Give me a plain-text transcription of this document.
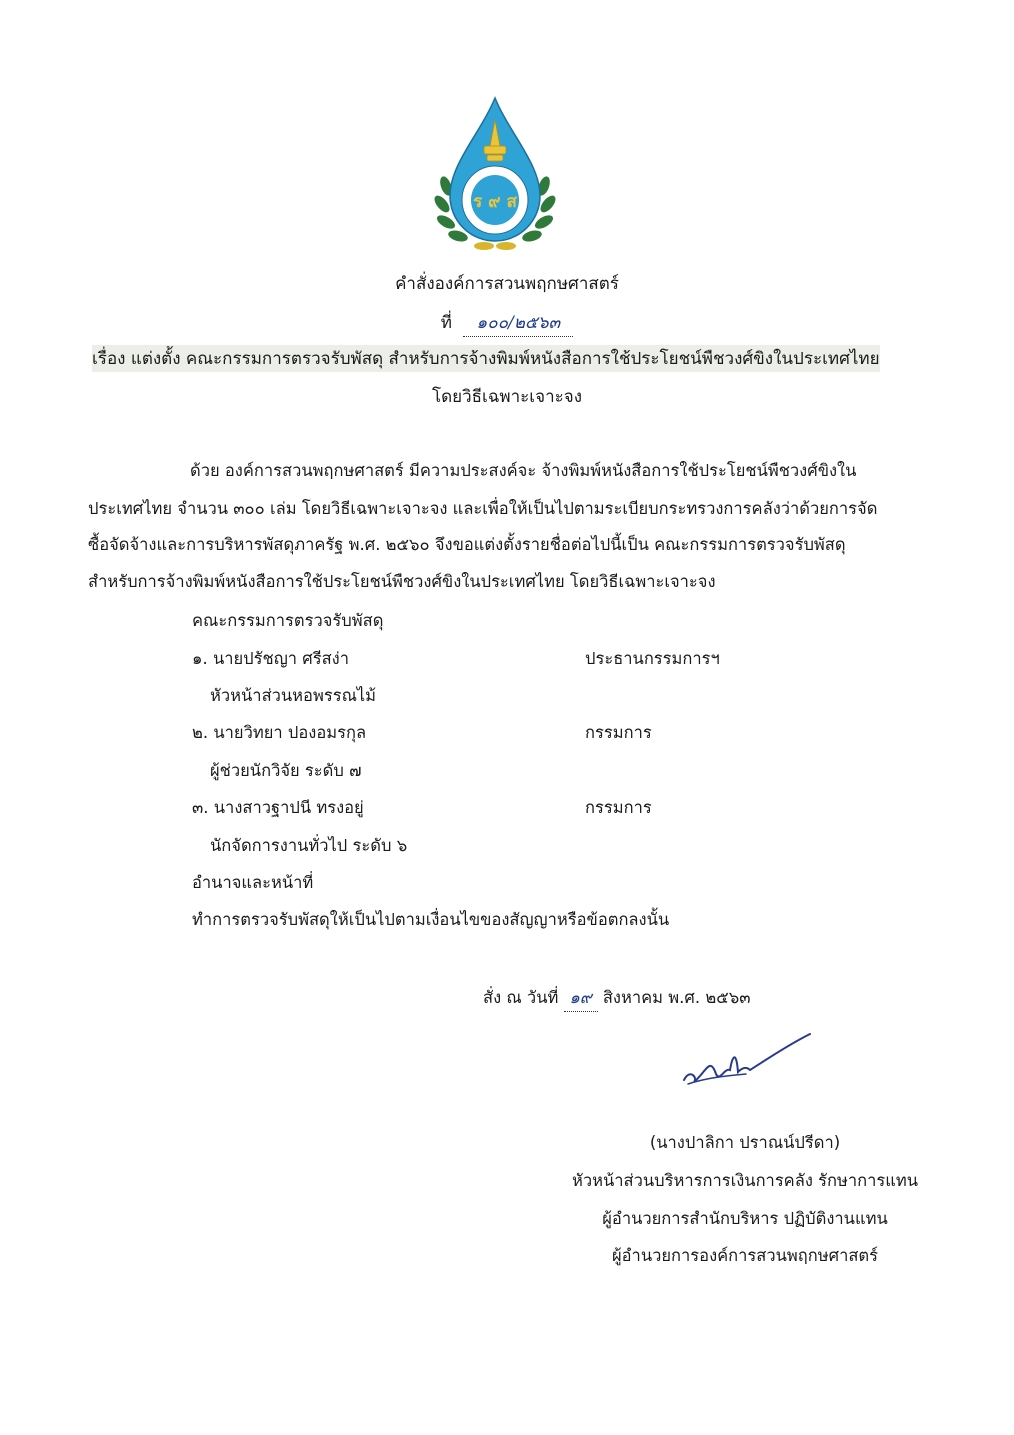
ร ๙ ส
คำสั่งองค์การสวนพฤกษศาสตร์
ที่ ๑๐๐/๒๕๖๓
เรื่อง แต่งตั้ง คณะกรรมการตรวจรับพัสดุ สำหรับการจ้างพิมพ์หนังสือการใช้ประโยชน์พืชวงศ์ขิงในประเทศไทย
โดยวิธีเฉพาะเจาะจง
ด้วย องค์การสวนพฤกษศาสตร์ มีความประสงค์จะ จ้างพิมพ์หนังสือการใช้ประโยชน์พืชวงศ์ขิงใน
ประเทศไทย จำนวน ๓๐๐ เล่ม โดยวิธีเฉพาะเจาะจง และเพื่อให้เป็นไปตามระเบียบกระทรวงการคลังว่าด้วยการจัด
ซื้อจัดจ้างและการบริหารพัสดุภาครัฐ พ.ศ. ๒๕๖๐ จึงขอแต่งตั้งรายชื่อต่อไปนี้เป็น คณะกรรมการตรวจรับพัสดุ
สำหรับการจ้างพิมพ์หนังสือการใช้ประโยชน์พืชวงศ์ขิงในประเทศไทย โดยวิธีเฉพาะเจาะจง
คณะกรรมการตรวจรับพัสดุ
๑. นายปรัชญา ศรีสง่า	ประธานกรรมการฯ
หัวหน้าส่วนหอพรรณไม้
๒. นายวิทยา ปองอมรกุล	กรรมการ
ผู้ช่วยนักวิจัย ระดับ ๗
๓. นางสาวฐาปนี ทรงอยู่	กรรมการ
นักจัดการงานทั่วไป ระดับ ๖
อำนาจและหน้าที่
ทำการตรวจรับพัสดุให้เป็นไปตามเงื่อนไขของสัญญาหรือข้อตกลงนั้น
สั่ง ณ วันที่ ๑๙ สิงหาคม พ.ศ. ๒๕๖๓
(นางปาลิกา ปราณน์ปรีดา)
หัวหน้าส่วนบริหารการเงินการคลัง รักษาการแทน
ผู้อำนวยการสำนักบริหาร ปฏิบัติงานแทน
ผู้อำนวยการองค์การสวนพฤกษศาสตร์
